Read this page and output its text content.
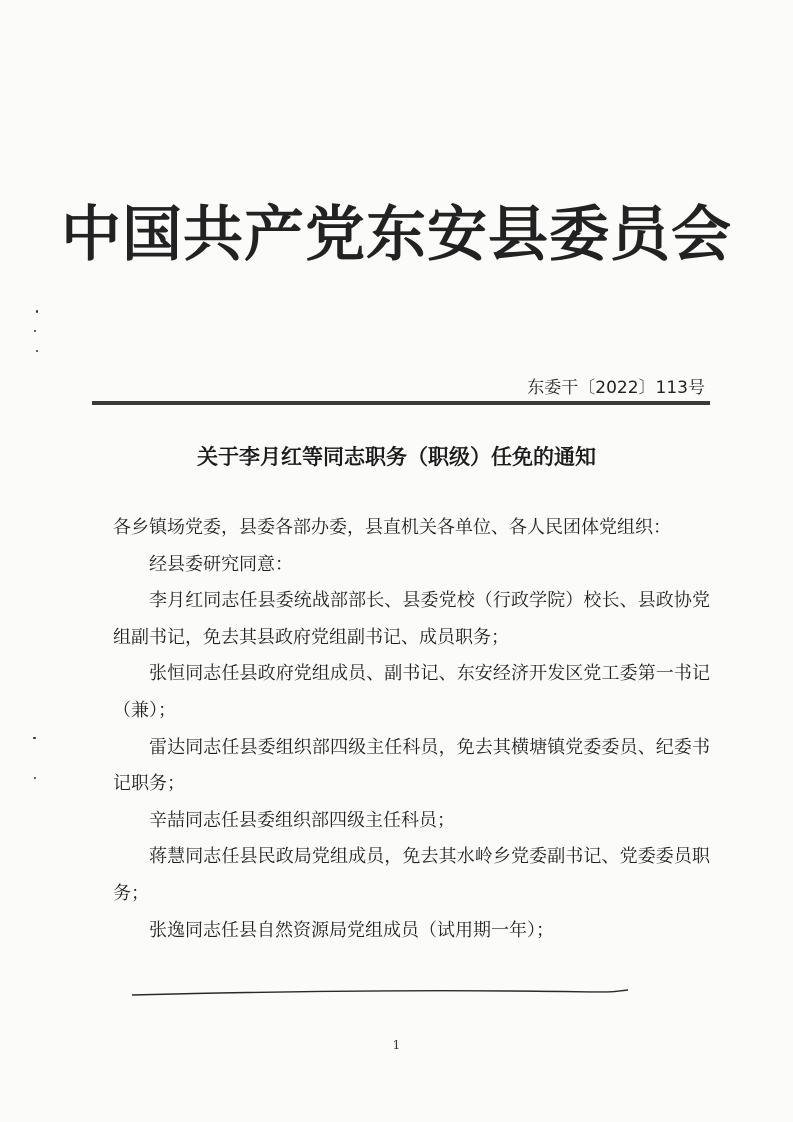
中国共产党东安县委员会
东委干〔2022〕113号
关于李月红等同志职务（职级）任免的通知

各乡镇场党委，县委各部办委，县直机关各单位、各人民团体党组织：

经县委研究同意：

李月红同志任县委统战部部长、县委党校（行政学院）校长、县政协党组副书记，免去其县政府党组副书记、成员职务；

张恒同志任县政府党组成员、副书记、东安经济开发区党工委第一书记（兼）；

雷达同志任县委组织部四级主任科员，免去其横塘镇党委委员、纪委书记职务；

辛喆同志任县委组织部四级主任科员；

蒋慧同志任县民政局党组成员，免去其水岭乡党委副书记、党委委员职务；

张逸同志任县自然资源局党组成员（试用期一年）；

1
